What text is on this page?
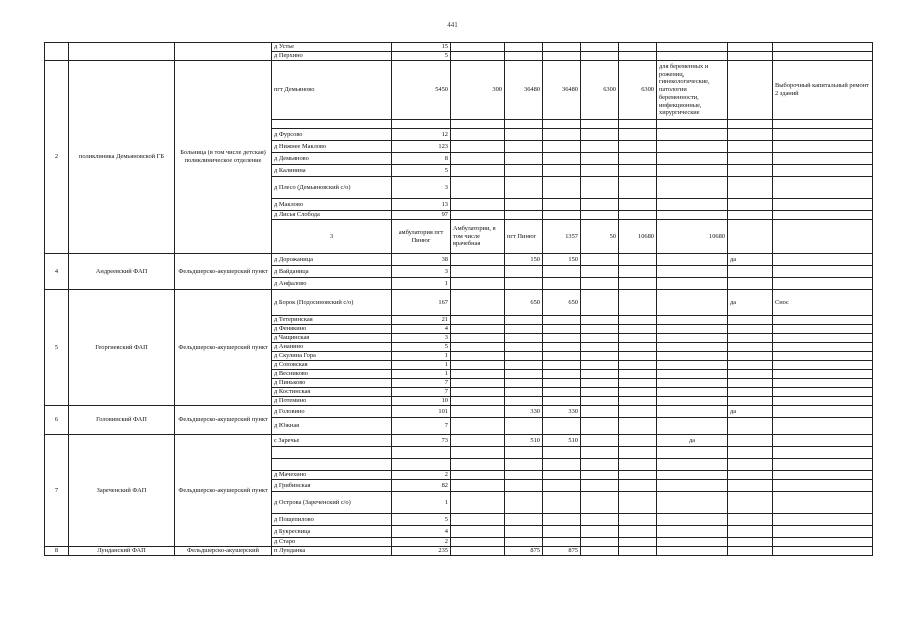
441
			д Устье	15									
			д Перхино	5									
2	поликлиника Демьяновской ГБ	Больница (в том числе детская) поликлиническое отделение	пгт Демьяново	5450	300	36480	36480	6300	6300	для беременных и рожениц, гинекологические, патологии беременности, инфекционные, хирургические		Выборочный капитальный ремонт 2 зданий	

			д Фурсово	12									
			д Нижнее Маклово	123									
			д Демьяново	8									
			д Калинина	5									
			д Плесо (Демьяновский с/о)	3									
			д Маклово	13									
			д Лисья Слобода	97									
			3	амбулатория пгт Пинюг	Амбулатории, в том числе врачебная	пгт Пинюг	1357	50	10680	10680					
4	Андреевский ФАП	Фельдшерско-акушерский пункт	д Дорожаница	38		150	150				да		
			д Вайданица	3									
			д Анфалово	1									
5	Георгиевский ФАП	Фельдшерско-акушерский пункт	д Борок (Подосиновский с/о)	167		650	650				да	Снос	
			д Тетеринская	21									
			д Фенякино	4									
			д Чащинская	3									
			д Ананино	5									
			д Скулина Гора	1									
			д Соповская	1									
			д Весниково	1									
			д Пиньково	7									
			д Костинская	7									
			д Потемино	10									
6	Головинский ФАП	Фельдшерско-акушерский пункт	д Головино	101		330	330				да		
			д Южная	7									
7	Зареченский ФАП	Фельдшерско-акушерский пункт	с Заречье	73		510	510			да			

			д Мачехино	2									
			д Грибинская	82									
			д Острова (Зареченский с/о)	1									
			д Пощепилово	5									
			д Букресвица	4									
			д Старо	2									
8	Лунданский ФАП	Фельдшерско-акушерский	п Лунданка	235		875	875						
